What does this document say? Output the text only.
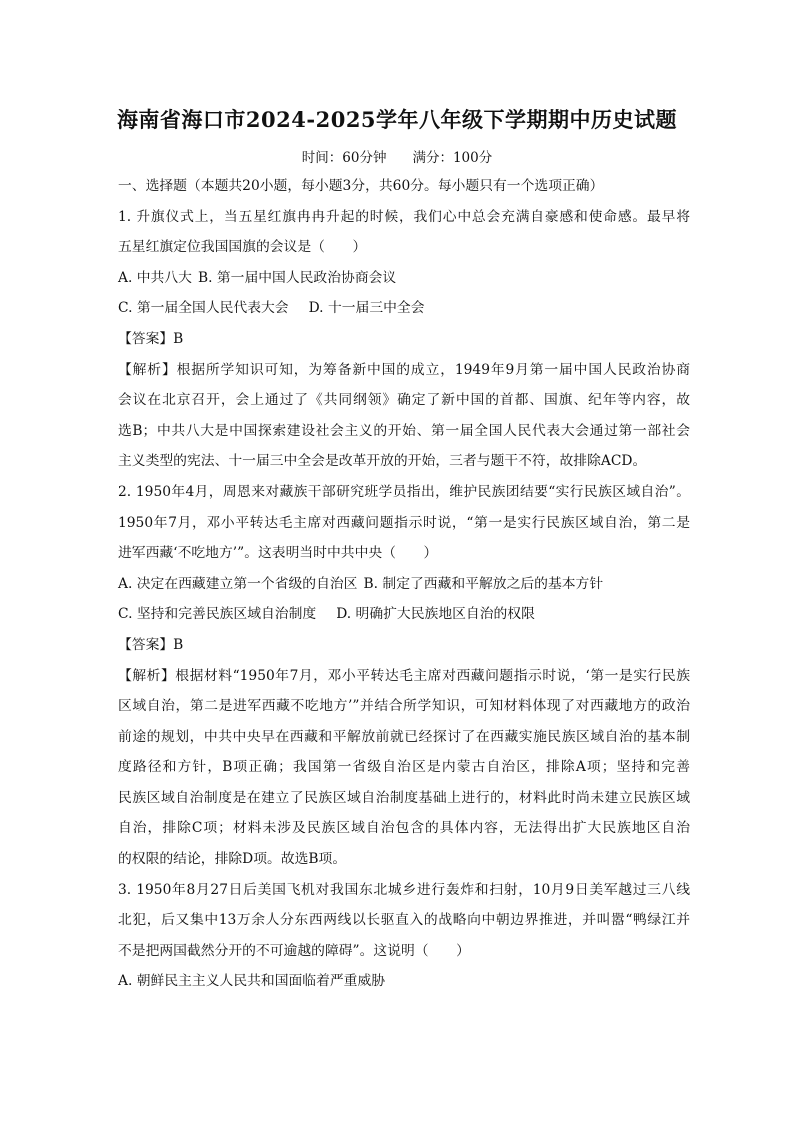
海南省海口市2024-2025学年八年级下学期期中历史试题
时间：60分钟 满分：100分
一、选择题（本题共20小题，每小题3分，共60分。每小题只有一个选项正确）
1. 升旗仪式上，当五星红旗冉冉升起的时候，我们心中总会充满自豪感和使命感。最早将
五星红旗定位我国国旗的会议是（　　）
A. 中共八大 B. 第一届中国人民政治协商会议
C. 第一届全国人民代表大会 D. 十一届三中全会
【答案】B
【解析】根据所学知识可知，为筹备新中国的成立，1949年9月第一届中国人民政治协商
会议在北京召开，会上通过了《共同纲领》确定了新中国的首都、国旗、纪年等内容，故
选B；中共八大是中国探索建设社会主义的开始、第一届全国人民代表大会通过第一部社会
主义类型的宪法、十一届三中全会是改革开放的开始，三者与题干不符，故排除ACD。
2. 1950年4月，周恩来对藏族干部研究班学员指出，维护民族团结要“实行民族区域自治”。
1950年7月，邓小平转达毛主席对西藏问题指示时说，“第一是实行民族区域自治，第二是
进军西藏‘不吃地方’”。这表明当时中共中央（　　）
A. 决定在西藏建立第一个省级的自治区 B. 制定了西藏和平解放之后的基本方针
C. 坚持和完善民族区域自治制度 D. 明确扩大民族地区自治的权限
【答案】B
【解析】根据材料“1950年7月，邓小平转达毛主席对西藏问题指示时说，‘第一是实行民族
区域自治，第二是进军西藏不吃地方’”并结合所学知识，可知材料体现了对西藏地方的政治
前途的规划，中共中央早在西藏和平解放前就已经探讨了在西藏实施民族区域自治的基本制
度路径和方针，B项正确；我国第一省级自治区是内蒙古自治区，排除A项；坚持和完善
民族区域自治制度是在建立了民族区域自治制度基础上进行的，材料此时尚未建立民族区域
自治，排除C项；材料未涉及民族区域自治包含的具体内容，无法得出扩大民族地区自治
的权限的结论，排除D项。故选B项。
3. 1950年8月27日后美国飞机对我国东北城乡进行轰炸和扫射，10月9日美军越过三八线
北犯，后又集中13万余人分东西两线以长驱直入的战略向中朝边界推进，并叫嚣“鸭绿江并
不是把两国截然分开的不可逾越的障碍”。这说明（　　）
A. 朝鲜民主主义人民共和国面临着严重威胁
